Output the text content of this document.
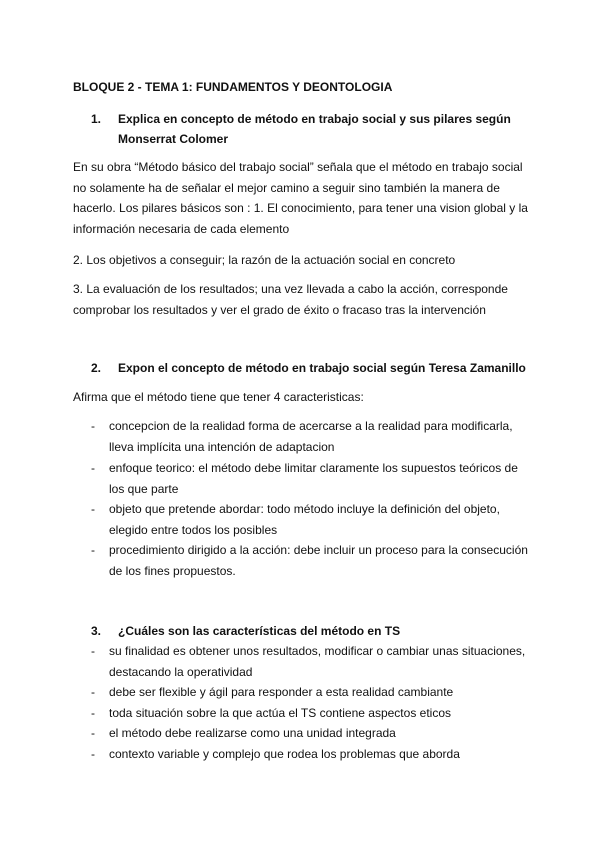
BLOQUE 2 - TEMA 1: FUNDAMENTOS Y DEONTOLOGIA
1. Explica en concepto de método en trabajo social y sus pilares según Monserrat Colomer
En su obra “Método básico del trabajo social” señala que el método en trabajo social no solamente ha de señalar el mejor camino a seguir sino también la manera de hacerlo. Los pilares básicos son : 1. El conocimiento, para tener una vision global y la información necesaria de cada elemento
2. Los objetivos a conseguir; la razón de la actuación social en concreto
3. La evaluación de los resultados; una vez llevada a cabo la acción, corresponde comprobar los resultados y ver el grado de éxito o fracaso tras la intervención
2. Expon el concepto de método en trabajo social según Teresa Zamanillo
Afirma que el método tiene que tener 4 caracteristicas:
- concepcion de la realidad forma de acercarse a la realidad para modificarla, lleva implícita una intención de adaptacion
- enfoque teorico: el método debe limitar claramente los supuestos teóricos de los que parte
- objeto que pretende abordar: todo método incluye la definición del objeto, elegido entre todos los posibles
- procedimiento dirigido a la acción: debe incluir un proceso para la consecución de los fines propuestos.
3. ¿Cuáles son las características del método en TS
- su finalidad es obtener unos resultados, modificar o cambiar unas situaciones, destacando la operatividad
- debe ser flexible y ágil para responder a esta realidad cambiante
- toda situación sobre la que actúa el TS contiene aspectos eticos
- el método debe realizarse como una unidad integrada
- contexto variable y complejo que rodea los problemas que aborda
